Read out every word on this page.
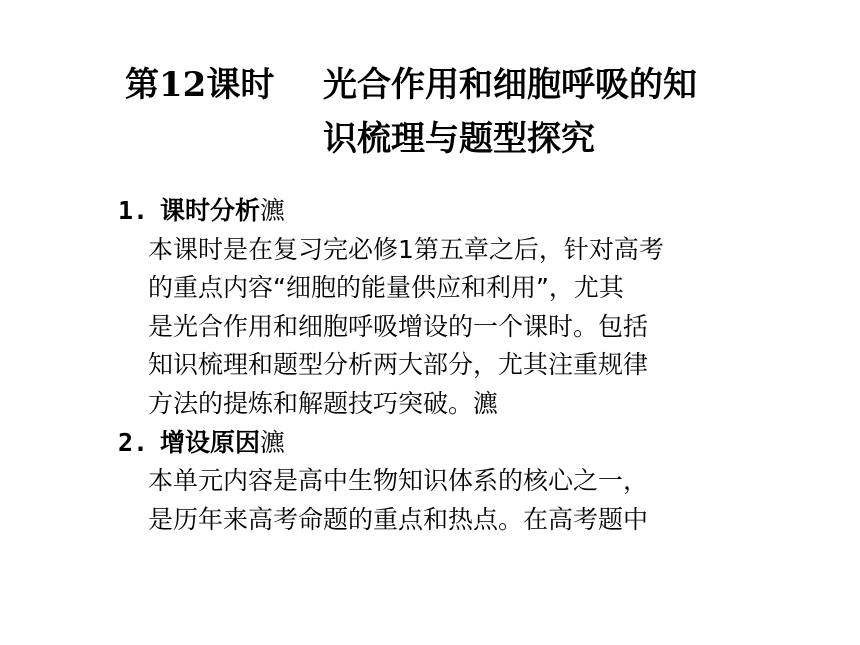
第12课时 光合作用和细胞呼吸的知
识梳理与题型探究
1. 课时分析瀌
本课时是在复习完必修1第五章之后，针对高考
的重点内容“细胞的能量供应和利用”，尤其
是光合作用和细胞呼吸增设的一个课时。包括
知识梳理和题型分析两大部分，尤其注重规律
方法的提炼和解题技巧突破。瀌
2. 增设原因瀌
本单元内容是高中生物知识体系的核心之一，
是历年来高考命题的重点和热点。在高考题中
